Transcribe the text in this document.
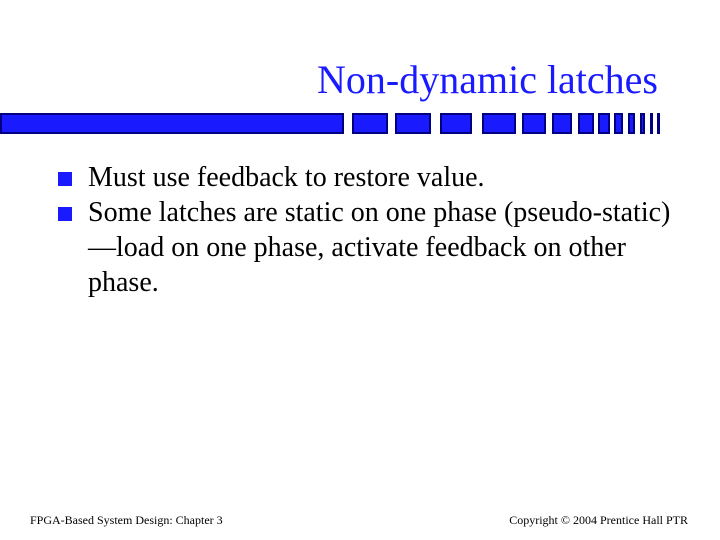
Non-dynamic latches
Must use feedback to restore value.
Some latches are static on one phase (pseudo-static)—load on one phase, activate feedback on other phase.
FPGA-Based System Design: Chapter 3	Copyright © 2004 Prentice Hall PTR
